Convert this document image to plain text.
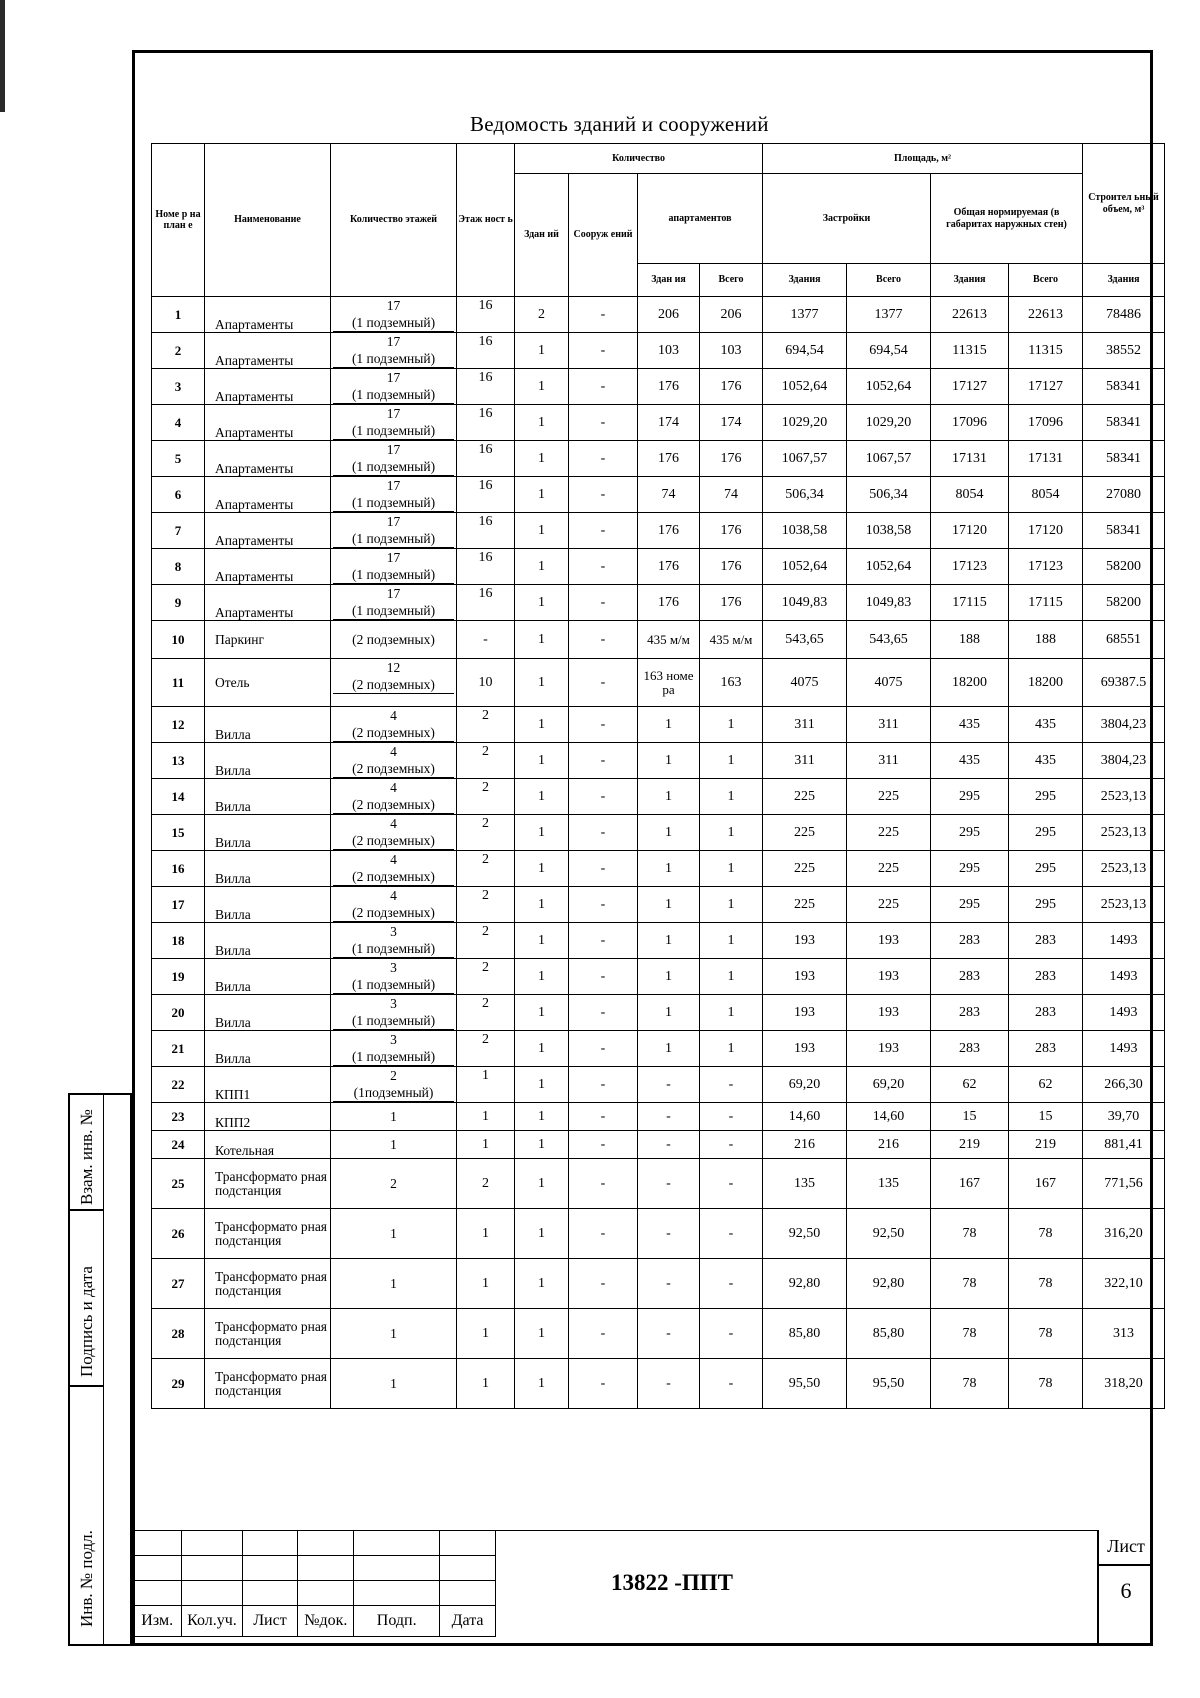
Ведомость зданий и сооружений
Номе р на план е	Наименование	Количество этажей	Этаж ност ь	Количество				Площадь, м²				Строител ьный объем, м³
				Здан ий	Сооруж ений	апартаментов		Застройки		Общая нормируемая (в габаритах наружных стен)		
						Здан ия	Всего	Здания	Всего	Здания	Всего	Здания
1	Апартаменты	17
(1 подземный)	16	2	-	206	206	1377	1377	22613	22613	78486
2	Апартаменты	17
(1 подземный)	16	1	-	103	103	694,54	694,54	11315	11315	38552
3	Апартаменты	17
(1 подземный)	16	1	-	176	176	1052,64	1052,64	17127	17127	58341
4	Апартаменты	17
(1 подземный)	16	1	-	174	174	1029,20	1029,20	17096	17096	58341
5	Апартаменты	17
(1 подземный)	16	1	-	176	176	1067,57	1067,57	17131	17131	58341
6	Апартаменты	17
(1 подземный)	16	1	-	74	74	506,34	506,34	8054	8054	27080
7	Апартаменты	17
(1 подземный)	16	1	-	176	176	1038,58	1038,58	17120	17120	58341
8	Апартаменты	17
(1 подземный)	16	1	-	176	176	1052,64	1052,64	17123	17123	58200
9	Апартаменты	17
(1 подземный)	16	1	-	176	176	1049,83	1049,83	17115	17115	58200
10	Паркинг	(2 подземных)	-	1	-	435 м/м	435 м/м	543,65	543,65	188	188	68551
11	Отель	12
(2 подземных)	10	1	-	163 номе ра	163	4075	4075	18200	18200	69387.5
12	Вилла	4
(2 подземных)	2	1	-	1	1	311	311	435	435	3804,23
13	Вилла	4
(2 подземных)	2	1	-	1	1	311	311	435	435	3804,23
14	Вилла	4
(2 подземных)	2	1	-	1	1	225	225	295	295	2523,13
15	Вилла	4
(2 подземных)	2	1	-	1	1	225	225	295	295	2523,13
16	Вилла	4
(2 подземных)	2	1	-	1	1	225	225	295	295	2523,13
17	Вилла	4
(2 подземных)	2	1	-	1	1	225	225	295	295	2523,13
18	Вилла	3
(1 подземный)	2	1	-	1	1	193	193	283	283	1493
19	Вилла	3
(1 подземный)	2	1	-	1	1	193	193	283	283	1493
20	Вилла	3
(1 подземный)	2	1	-	1	1	193	193	283	283	1493
21	Вилла	3
(1 подземный)	2	1	-	1	1	193	193	283	283	1493
22	КПП1	2
(1подземный)	1	1	-	-	-	69,20	69,20	62	62	266,30
23	КПП2	1	1	1	-	-	-	14,60	14,60	15	15	39,70
24	Котельная	1	1	1	-	-	-	216	216	219	219	881,41
25	Трансформато рная подстанция	2	2	1	-	-	-	135	135	167	167	771,56
26	Трансформато рная подстанция	1	1	1	-	-	-	92,50	92,50	78	78	316,20
27	Трансформато рная подстанция	1	1	1	-	-	-	92,80	92,80	78	78	322,10
28	Трансформато рная подстанция	1	1	1	-	-	-	85,80	85,80	78	78	313
29	Трансформато рная подстанция	1	1	1	-	-	-	95,50	95,50	78	78	318,20
Взам. инв. №
Подпись и дата
Инв. № подл.

						Изм.	Кол.уч.	Лист	№док.	Подп.	Дата
13822 -ППТ
Лист
6
